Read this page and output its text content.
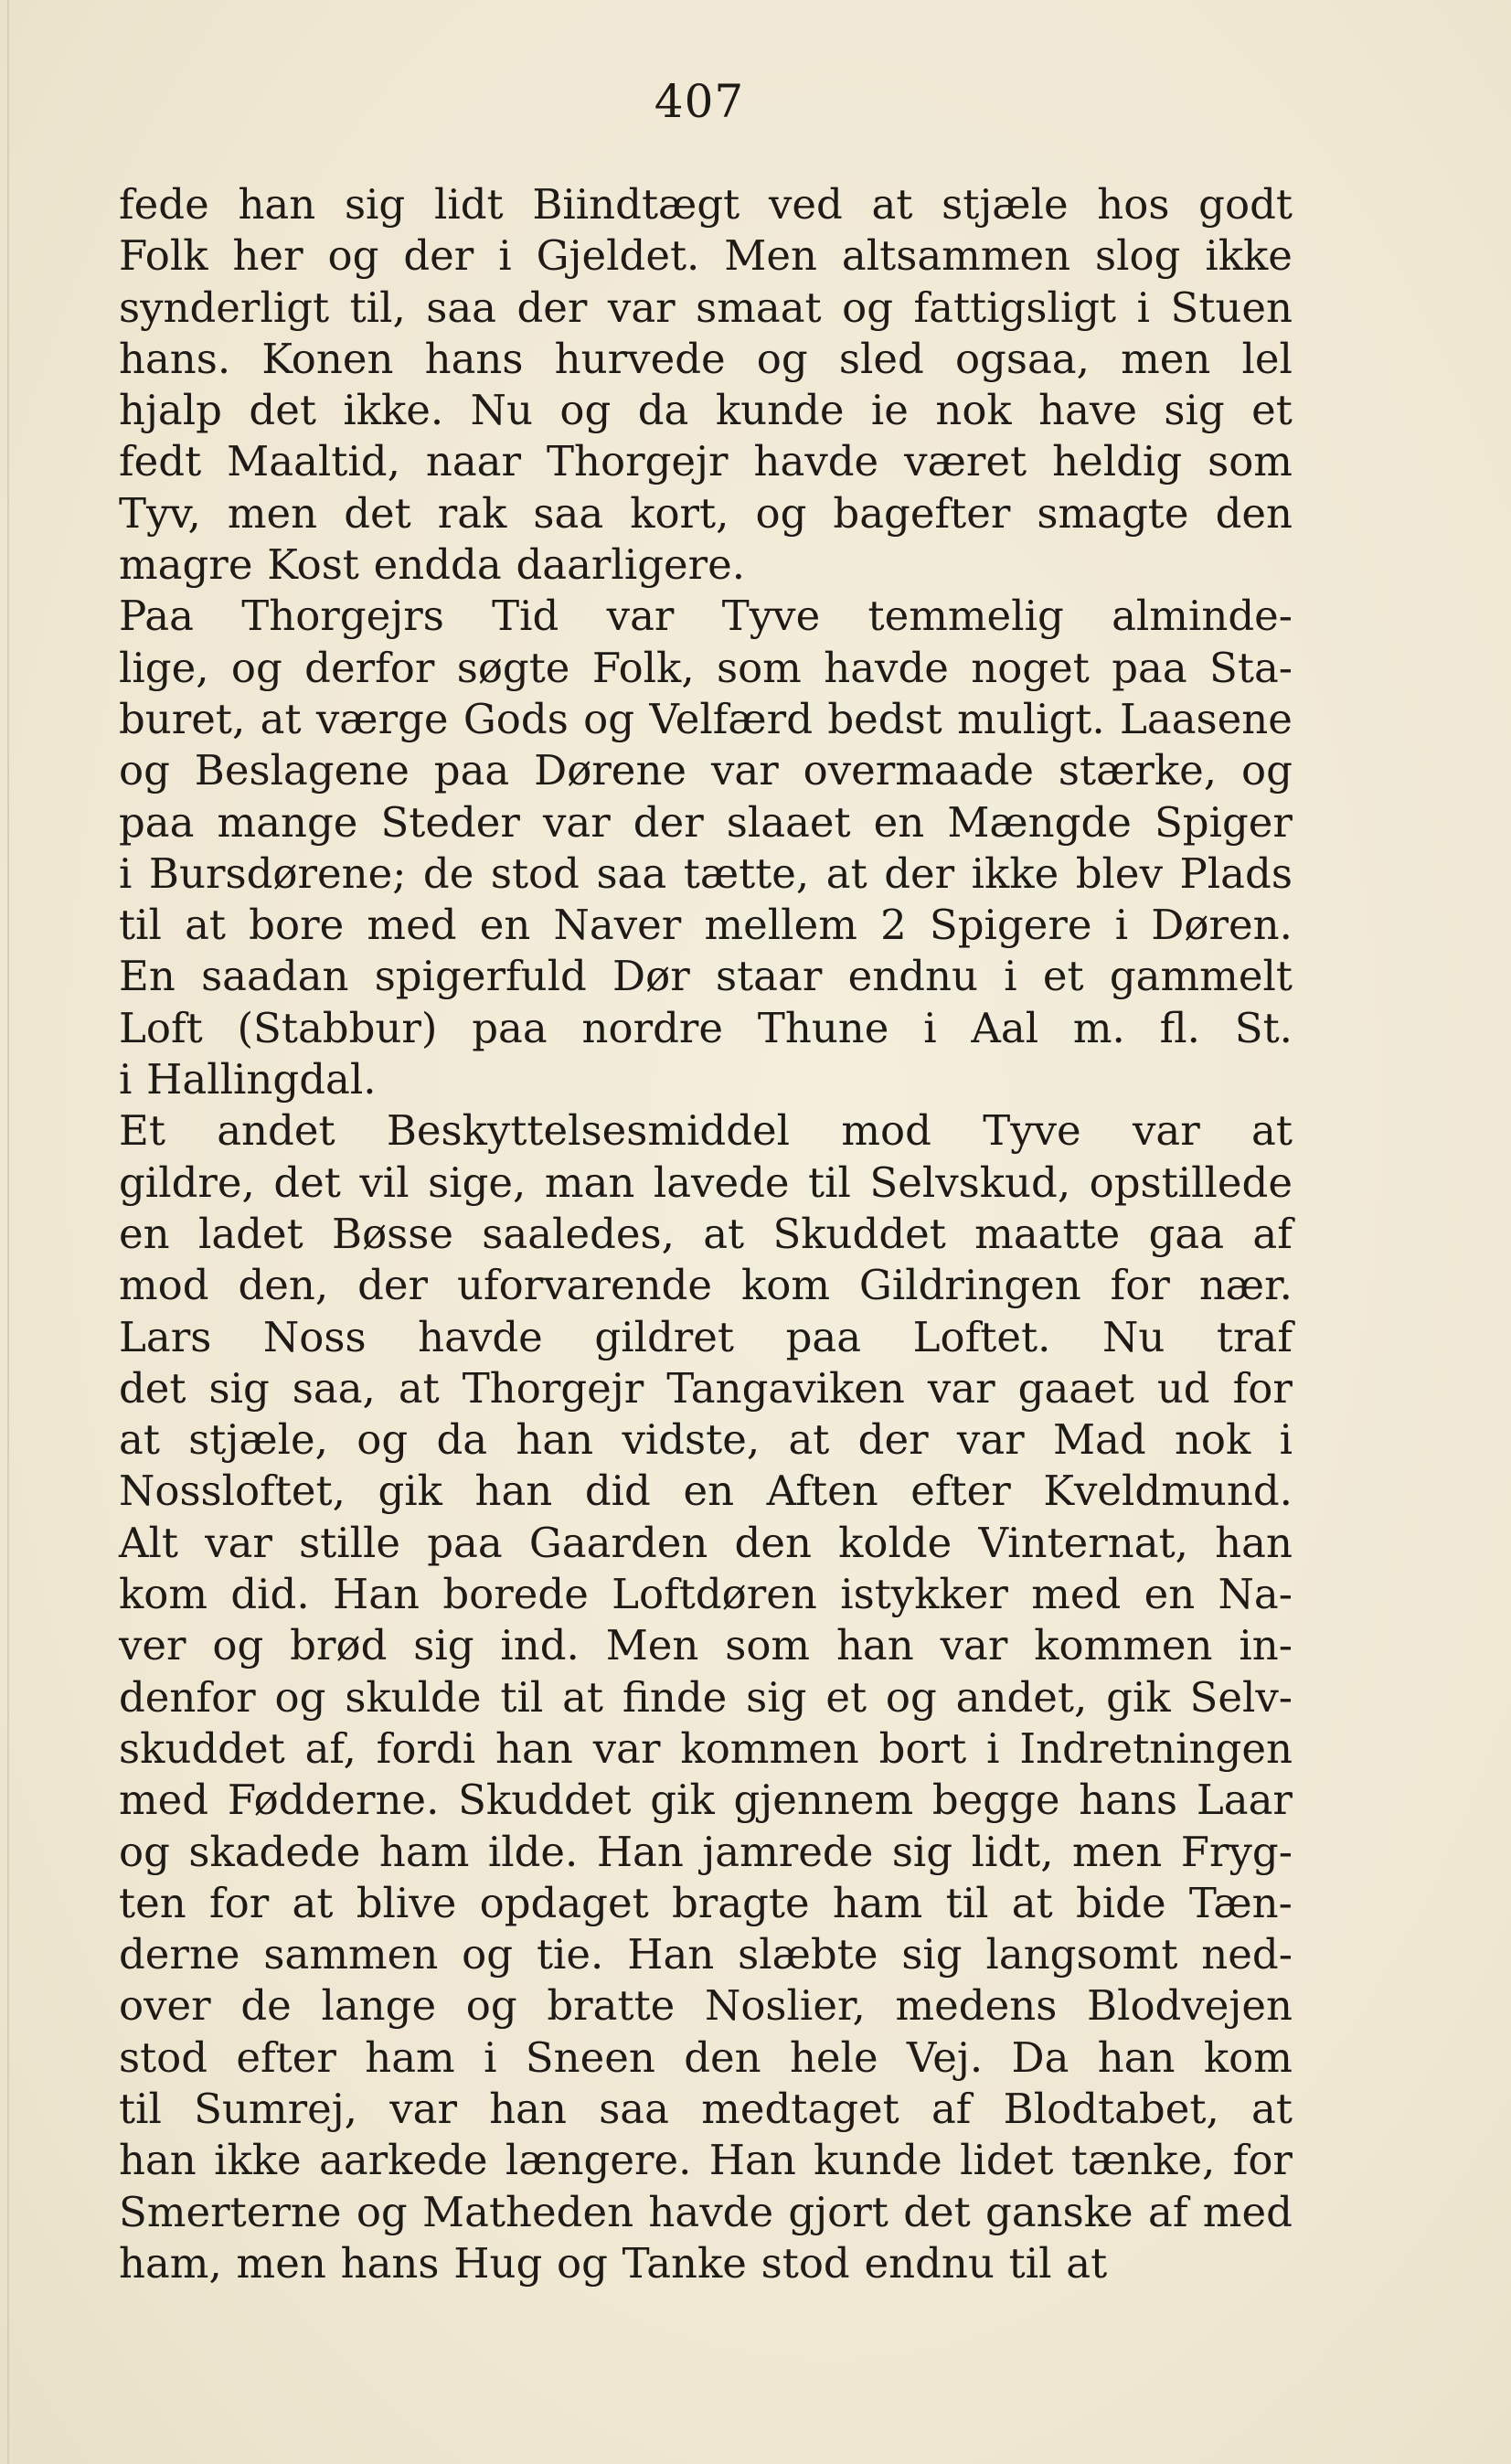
407
fede han sig lidt Biindtægt ved at stjæle hos godt
Folk her og der i Gjeldet. Men altsammen slog ikke
synderligt til, saa der var smaat og fattigsligt i Stuen
hans. Konen hans hurvede og sled ogsaa, men lel
hjalp det ikke. Nu og da kunde ie nok have sig et
fedt Maaltid, naar Thorgejr havde været heldig som
Tyv, men det rak saa kort, og bagefter smagte den
magre Kost endda daarligere.
Paa Thorgejrs Tid var Tyve temmelig alminde-
lige, og derfor søgte Folk, som havde noget paa Sta-
buret, at værge Gods og Velfærd bedst muligt. Laasene
og Beslagene paa Dørene var overmaade stærke, og
paa mange Steder var der slaaet en Mængde Spiger
i Bursdørene; de stod saa tætte, at der ikke blev Plads
til at bore med en Naver mellem 2 Spigere i Døren.
En saadan spigerfuld Dør staar endnu i et gammelt
Loft (Stabbur) paa nordre Thune i Aal m. fl. St.
i Hallingdal.
Et andet Beskyttelsesmiddel mod Tyve var at
gildre, det vil sige, man lavede til Selvskud, opstillede
en ladet Bøsse saaledes, at Skuddet maatte gaa af
mod den, der uforvarende kom Gildringen for nær.
Lars Noss havde gildret paa Loftet. Nu traf
det sig saa, at Thorgejr Tangaviken var gaaet ud for
at stjæle, og da han vidste, at der var Mad nok i
Nossloftet, gik han did en Aften efter Kveldmund.
Alt var stille paa Gaarden den kolde Vinternat, han
kom did. Han borede Loftdøren istykker med en Na-
ver og brød sig ind. Men som han var kommen in-
denfor og skulde til at finde sig et og andet, gik Selv-
skuddet af, fordi han var kommen bort i Indretningen
med Fødderne. Skuddet gik gjennem begge hans Laar
og skadede ham ilde. Han jamrede sig lidt, men Fryg-
ten for at blive opdaget bragte ham til at bide Tæn-
derne sammen og tie. Han slæbte sig langsomt ned-
over de lange og bratte Noslier, medens Blodvejen
stod efter ham i Sneen den hele Vej. Da han kom
til Sumrej, var han saa medtaget af Blodtabet, at
han ikke aarkede længere. Han kunde lidet tænke, for
Smerterne og Matheden havde gjort det ganske af med
ham, men hans Hug og Tanke stod endnu til at
